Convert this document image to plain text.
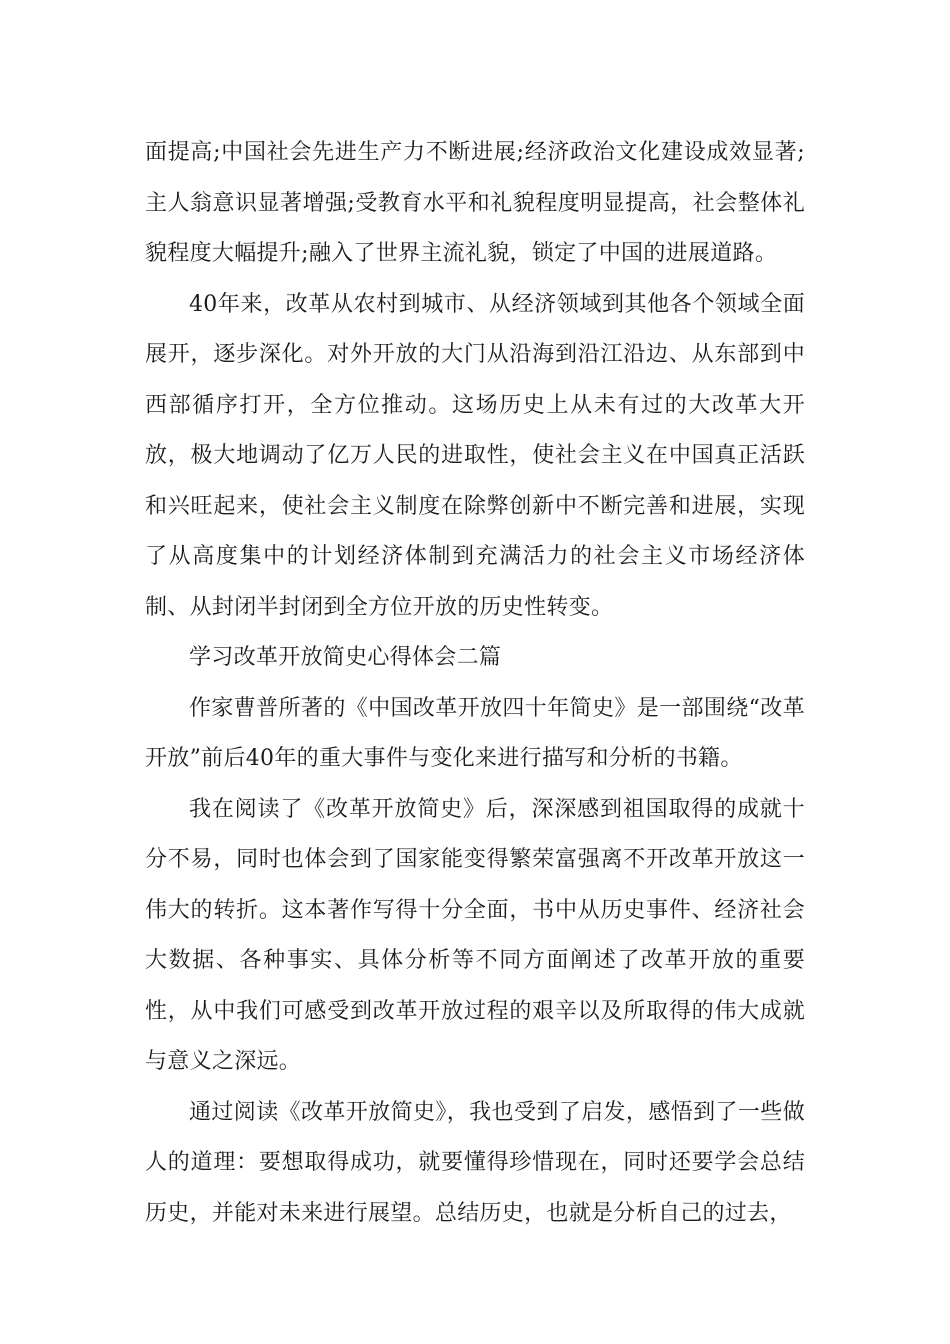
面提高;中国社会先进生产力不断进展;经济政治文化建设成效显著;主人翁意识显著增强;受教育水平和礼貌程度明显提高，社会整体礼貌程度大幅提升;融入了世界主流礼貌，锁定了中国的进展道路。

40年来，改革从农村到城市、从经济领域到其他各个领域全面展开，逐步深化。对外开放的大门从沿海到沿江沿边、从东部到中西部循序打开，全方位推动。这场历史上从未有过的大改革大开放，极大地调动了亿万人民的进取性，使社会主义在中国真正活跃和兴旺起来，使社会主义制度在除弊创新中不断完善和进展，实现了从高度集中的计划经济体制到充满活力的社会主义市场经济体制、从封闭半封闭到全方位开放的历史性转变。

学习改革开放简史心得体会二篇

作家曹普所著的《中国改革开放四十年简史》是一部围绕“改革开放”前后40年的重大事件与变化来进行描写和分析的书籍。

我在阅读了《改革开放简史》后，深深感到祖国取得的成就十分不易，同时也体会到了国家能变得繁荣富强离不开改革开放这一伟大的转折。这本著作写得十分全面，书中从历史事件、经济社会大数据、各种事实、具体分析等不同方面阐述了改革开放的重要性，从中我们可感受到改革开放过程的艰辛以及所取得的伟大成就与意义之深远。

通过阅读《改革开放简史》，我也受到了启发，感悟到了一些做人的道理：要想取得成功，就要懂得珍惜现在，同时还要学会总结历史，并能对未来进行展望。总结历史，也就是分析自己的过去，
